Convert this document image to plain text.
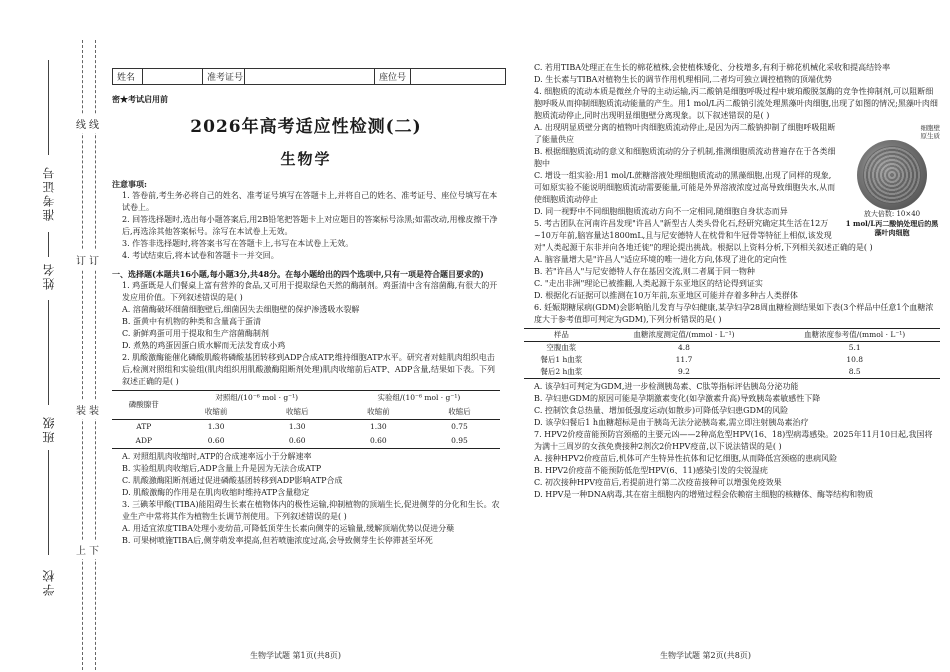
线
订
装
上
线
订
装
下
学校
班级
姓名
准考证号
姓名	准考证号	座位号
密★考试启用前
2026年高考适应性检测(二)
生物学

注意事项:

1. 答卷前,考生务必将自己的姓名、准考证号填写在答题卡上,并将自己的姓名、准考证号、座位号填写在本试卷上。

2. 回答选择题时,选出每小题答案后,用2B铅笔把答题卡上对应题目的答案标号涂黑;如需改动,用橡皮擦干净后,再选涂其他答案标号。涂写在本试卷上无效。

3. 作答非选择题时,将答案书写在答题卡上,书写在本试卷上无效。

4. 考试结束后,将本试卷和答题卡一并交回。

一、选择题(本题共16小题,每小题3分,共48分。在每小题给出的四个选项中,只有一项是符合题目要求的)

1. 鸡蛋既是人们餐桌上富有营养的食品,又可用于提取绿色天然的酶制剂。鸡蛋清中含有溶菌酶,有很大的开发应用价值。下列叙述错误的是( )

A. 溶菌酶破坏细菌细胞壁后,细菌因失去细胞壁的保护渗透吸水裂解

B. 蛋黄中有机物的种类和含量高于蛋清

C. 新鲜鸡蛋可用于提取和生产溶菌酶制剂

D. 煮熟的鸡蛋因蛋白质水解而无法发育成小鸡

2. 肌酸激酶能催化磷酸肌酸将磷酸基团转移到ADP合成ATP,维持细胞ATP水平。研究者对蛙肌肉组织电击后,检测对照组和实验组(肌肉组织用肌酸激酶阻断剂处理)肌肉收缩前后ATP、ADP含量,结果如下表。下列叙述正确的是( )

磷酸腺苷	对照组/(10⁻⁶ mol · g⁻¹)		实验组/(10⁻⁶ mol · g⁻¹)	
	收缩前	收缩后	收缩前	收缩后
ATP	1.30	1.30	1.30	0.75
ADP	0.60	0.60	0.60	0.95

A. 对照组肌肉收缩时,ATP的合成速率远小于分解速率

B. 实验组肌肉收缩后,ADP含量上升是因为无法合成ATP

C. 肌酸激酶阻断剂通过促进磷酸基团转移到ADP影响ATP合成

D. 肌酸激酶的作用是在肌肉收缩时维持ATP含量稳定

3. 三碘苯甲酸(TIBA)能阻碍生长素在植物体内的极性运输,抑制植物的顶端生长,促进侧芽的分化和生长。农业生产中常将其作为植物生长调节剂使用。下列叙述错误的是( )

A. 用适宜浓度TIBA处理小麦幼苗,可降低顶芽生长素向侧芽的运输量,缓解顶端优势以促进分蘖

B. 可果树喷施TIBA后,侧芽萌发率提高,但若喷施浓度过高,会导致侧芽生长停滞甚至坏死

C. 若用TIBA处理正在生长的棉花植株,会使植株矮化、分枝增多,有利于棉花机械化采收和提高结铃率

D. 生长素与TIBA对植物生长的调节作用机理相同,二者均可独立调控植物的顶端优势

4. 细胞质的流动本质是微丝介导的主动运输,丙二酸钠是细胞呼吸过程中琥珀酸脱氢酶的竞争性抑制剂,可以阻断细胞呼吸从而抑制细胞质流动能量的产生。用1 mol/L丙二酸钠引流处理黑藻叶肉细胞,出现了如图的情况;黑藻叶肉细胞质流动停止,同时出现明显细胞壁分离现象。以下叙述错误的是( )

细胞壁
原生质
放大倍数: 10×40
1 mol/L丙二酸钠处理后的黑藻叶肉细胞

A. 出现明显质壁分离的植物叶肉细胞质流动停止,是因为丙二酸钠抑制了细胞呼吸阻断了能量供应

B. 根据细胞质流动的意义和细胞质流动的分子机制,推测细胞质流动普遍存在于各类细胞中

C. 增设一组实验:用1 mol/L蔗糖溶液处理细胞质流动的黑藻细胞,出现了同样的现象,可如原实验不能说明细胞质流动需要能量,可能是外界溶液浓度过高导致细胞失水,从而使细胞质流动停止

D. 同一视野中不同细胞细胞质流动方向不一定相同,随细胞自身状态而异

5. 考古团队在河南许昌发现"许昌人"新型古人类头骨化石,经研究确定其生活在12万~10万年前,脑容量达1800mL,且与尼安德特人在枕骨和牛冠骨等特征上相似,该发现对"人类起源于东非并向各地迁徙"的理论提出挑战。根据以上资料分析,下列相关叙述正确的是( )

A. 脑容量增大是"许昌人"适应环境的唯一进化方向,体现了进化的定向性

B. 若"许昌人"与尼安德特人存在基因交流,则二者属于同一物种

C. "走出非洲"理论已被推翻,人类起源于东亚地区的结论得到证实

D. 根据化石证据可以推测在10万年前,东亚地区可能并存着多种古人类群体

6. 妊娠期糖尿病(GDM)会影响胎儿发育与孕妇健康,某孕妇孕28周血糖检测结果如下表(3个样品中任意1个血糖浓度大于参考值即可判定为GDM),下列分析错误的是( )

样品	血糖浓度测定值/(mmol · L⁻¹)	血糖浓度参考值/(mmol · L⁻¹)
空腹血浆	4.8	5.1
餐后1 h血浆	11.7	10.8
餐后2 h血浆	9.2	8.5

A. 该孕妇可判定为GDM,进一步检测胰岛素、C肽等指标评估胰岛分泌功能

B. 孕妇患GDM的原因可能是孕期激素变化(如孕激素升高)导致胰岛素敏感性下降

C. 控制饮食总热量、增加低强度运动(如散步)可降低孕妇患GDM的风险

D. 该孕妇餐后1 h血糖超标是由于胰岛无法分泌胰岛素,需立即注射胰岛素治疗

7. HPV2价疫苗能预防宫颈癌的主要元凶——2种高危型HPV(16、18)型病毒感染。2025年11月10日起,我国将为满十三周岁的女孩免费接种2剂次2价HPV疫苗,以下说法错误的是( )

A. 接种HPV2价疫苗后,机体可产生特异性抗体和记忆细胞,从而降低宫颈癌的患病风险

B. HPV2价疫苗不能预防低危型HPV(6、11)感染引发的尖锐湿疣

C. 初次接种HPV疫苗后,若提前进行第二次疫苗接种可以增强免疫效果

D. HPV是一种DNA病毒,其在宿主细胞内的增殖过程会依赖宿主细胞的核糖体、酶等结构和物质

生物学试题 第1页(共8页)	生物学试题 第2页(共8页)
